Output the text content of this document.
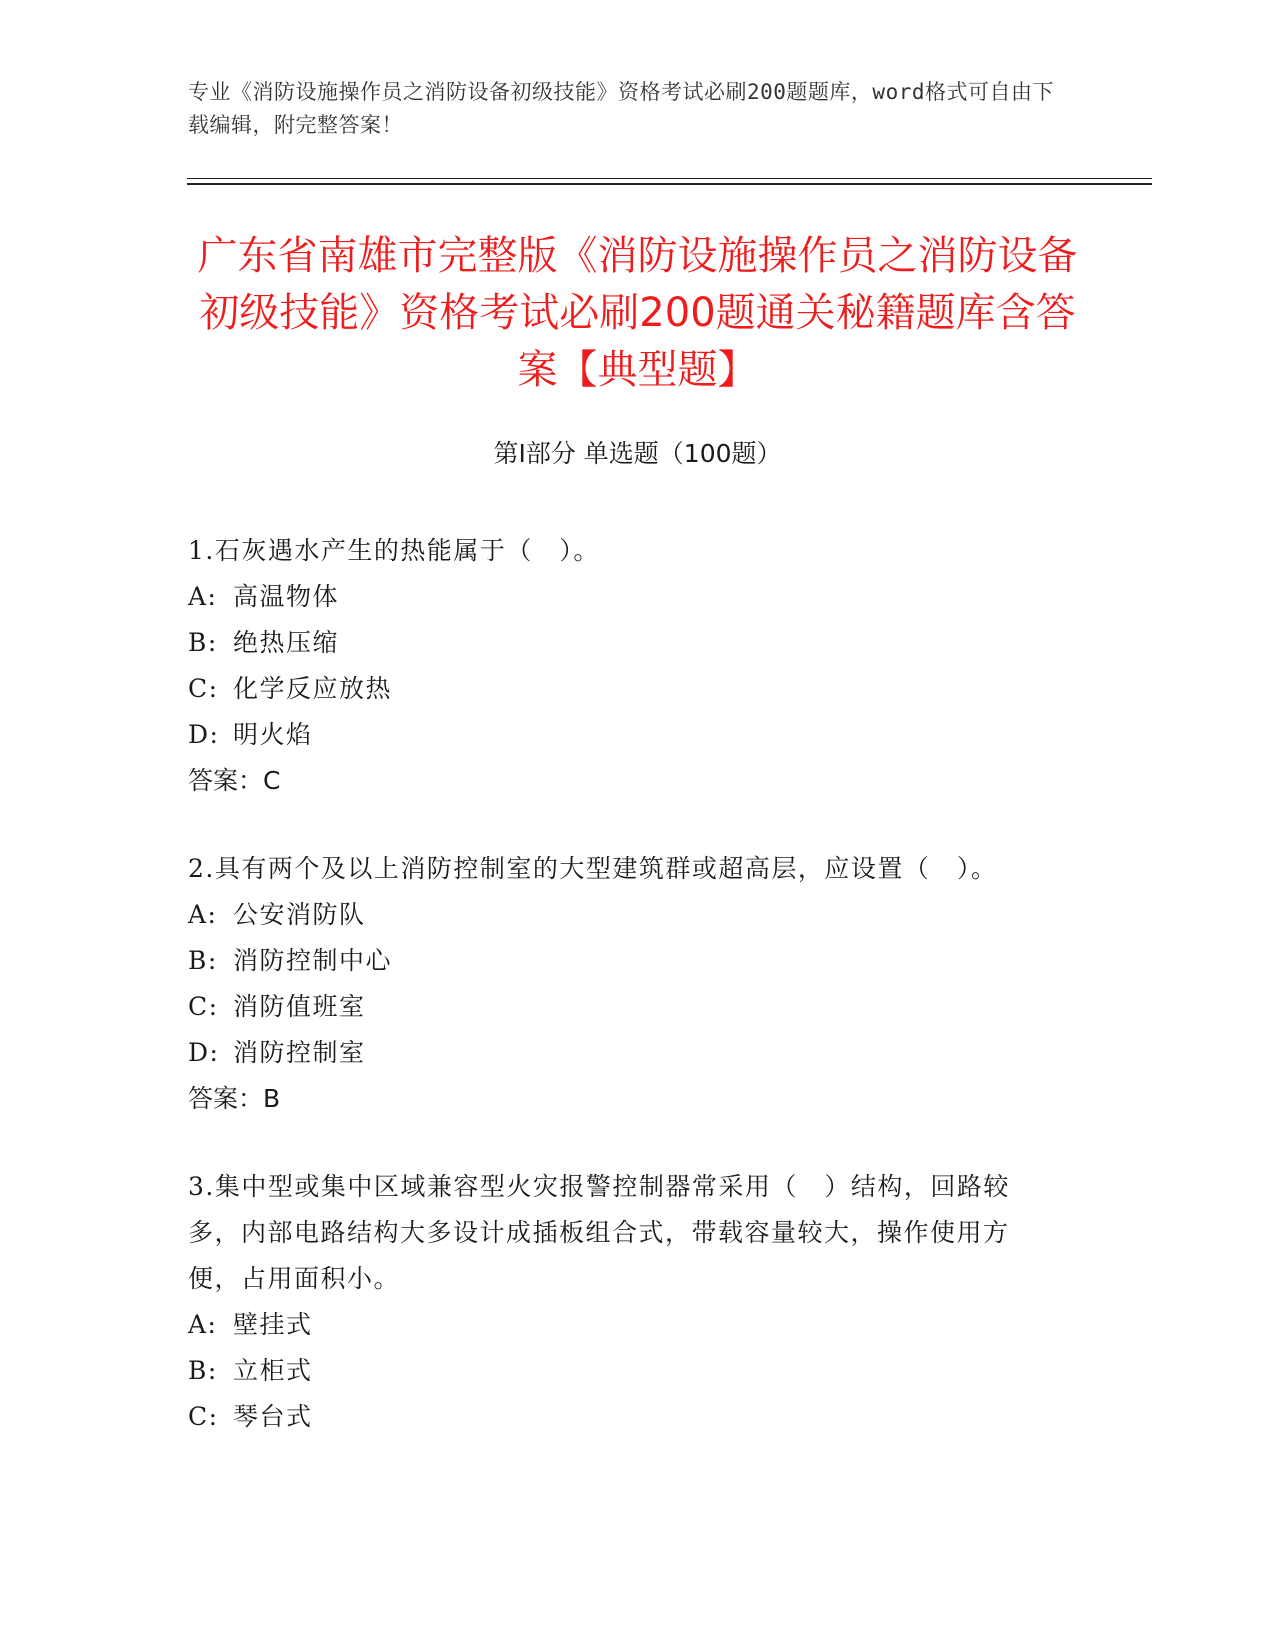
专业《消防设施操作员之消防设备初级技能》资格考试必刷200题题库，word格式可自由下载编辑，附完整答案！
广东省南雄市完整版《消防设施操作员之消防设备初级技能》资格考试必刷200题通关秘籍题库含答案【典型题】
第Ⅰ部分 单选题（100题）

1.石灰遇水产生的热能属于（　）。

A: 高温物体
B: 绝热压缩
C: 化学反应放热
D: 明火焰
答案：C

2.具有两个及以上消防控制室的大型建筑群或超高层，应设置（　）。

A: 公安消防队
B: 消防控制中心
C: 消防值班室
D: 消防控制室
答案：B

3.集中型或集中区域兼容型火灾报警控制器常采用（　）结构，回路较多，内部电路结构大多设计成插板组合式，带载容量较大，操作使用方便，占用面积小。

A: 壁挂式
B: 立柜式
C: 琴台式
